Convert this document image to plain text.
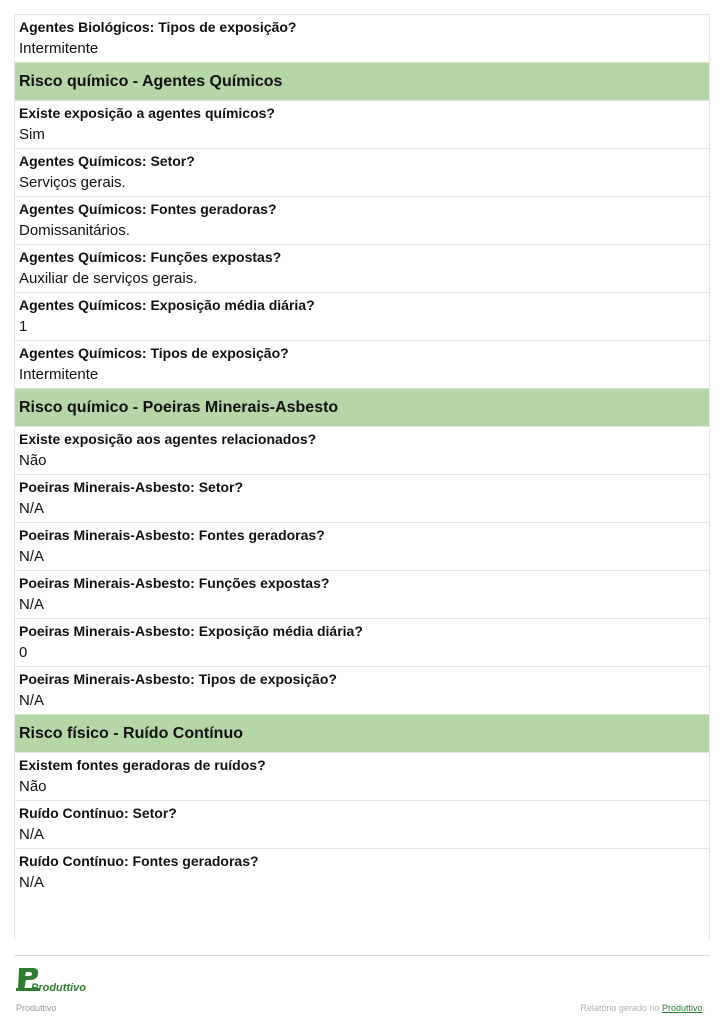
Agentes Biológicos: Tipos de exposição?
Intermitente
Risco químico - Agentes Químicos
Existe exposição a agentes químicos?
Sim
Agentes Químicos: Setor?
Serviços gerais.
Agentes Químicos: Fontes geradoras?
Domissanitários.
Agentes Químicos: Funções expostas?
Auxiliar de serviços gerais.
Agentes Químicos: Exposição média diária?
1
Agentes Químicos: Tipos de exposição?
Intermitente
Risco químico - Poeiras Minerais-Asbesto
Existe exposição aos agentes relacionados?
Não
Poeiras Minerais-Asbesto: Setor?
N/A
Poeiras Minerais-Asbesto: Fontes geradoras?
N/A
Poeiras Minerais-Asbesto: Funções expostas?
N/A
Poeiras Minerais-Asbesto: Exposição média diária?
0
Poeiras Minerais-Asbesto: Tipos de exposição?
N/A
Risco físico - Ruído Contínuo
Existem fontes geradoras de ruídos?
Não
Ruído Contínuo: Setor?
N/A
Ruído Contínuo: Fontes geradoras?
N/A
Produttivo
Produttivo	Relatório gerado no Produttivo.
